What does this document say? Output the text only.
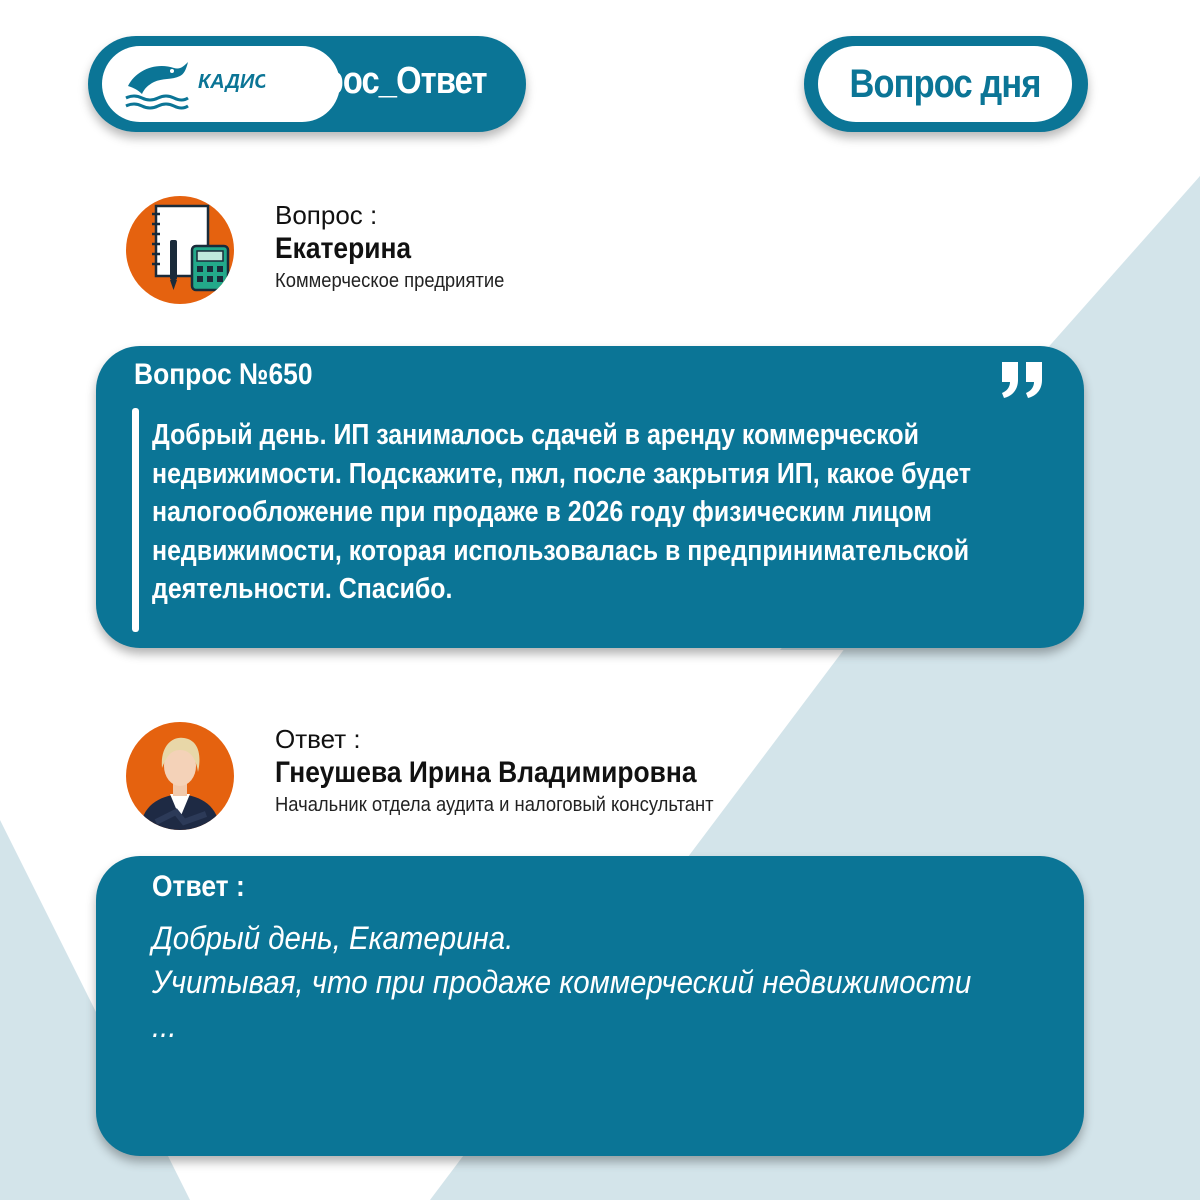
КАДИС
Вопрос_Ответ	Вопрос дня
Вопрос :
Екатерина
Коммерческое предриятие
Вопрос №650
Добрый день. ИП занималось сдачей в аренду коммерческой недвижимости. Подскажите, пжл, после закрытия ИП, какое будет налогообложение при продаже в 2026 году физическим лицом недвижимости, которая использовалась в предпринимательской деятельности. Спасибо.
Ответ :
Гнеушева Ирина Владимировна
Начальник отдела аудита и налоговый консультант
Ответ :
Добрый день, Екатерина.
Учитывая, что при продаже коммерческий недвижимости
...
